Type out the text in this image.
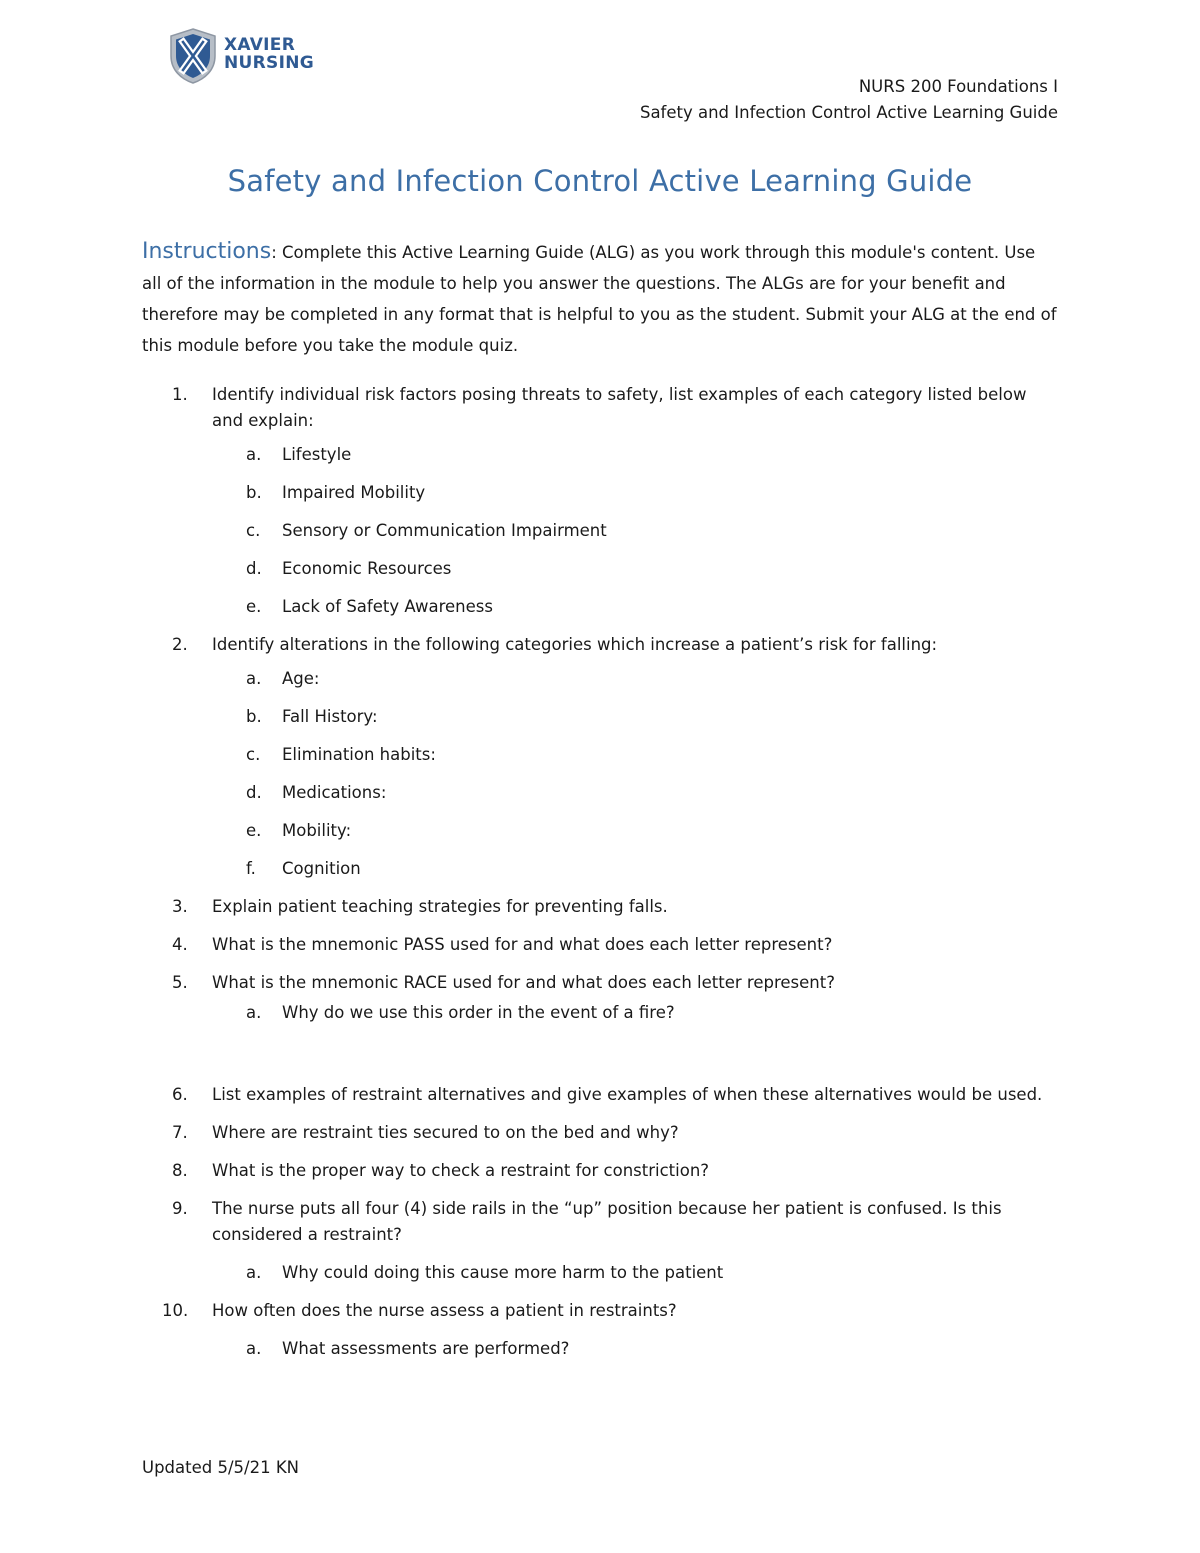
XAVIER
NURSING
NURS 200 Foundations I
Safety and Infection Control Active Learning Guide
Safety and Infection Control Active Learning Guide
Instructions: Complete this Active Learning Guide (ALG) as you work through this module's content. Use all of the information in the module to help you answer the questions. The ALGs are for your benefit and therefore may be completed in any format that is helpful to you as the student. Submit your ALG at the end of this module before you take the module quiz.
1.	Identify individual risk factors posing threats to safety, list examples of each category listed below and explain:
a.	Lifestyle
b.	Impaired Mobility
c.	Sensory or Communication Impairment
d.	Economic Resources
e.	Lack of Safety Awareness
2.	Identify alterations in the following categories which increase a patient’s risk for falling:
a.	Age:
b.	Fall History:
c.	Elimination habits:
d.	Medications:
e.	Mobility:
f.	Cognition
3.	Explain patient teaching strategies for preventing falls.
4.	What is the mnemonic PASS used for and what does each letter represent?
5.	What is the mnemonic RACE used for and what does each letter represent?
a.	Why do we use this order in the event of a fire?
6.	List examples of restraint alternatives and give examples of when these alternatives would be used.
7.	Where are restraint ties secured to on the bed and why?
8.	What is the proper way to check a restraint for constriction?
9.	The nurse puts all four (4) side rails in the “up” position because her patient is confused. Is this considered a restraint?
a.	Why could doing this cause more harm to the patient
10.	How often does the nurse assess a patient in restraints?
a.	What assessments are performed?
Updated 5/5/21 KN
